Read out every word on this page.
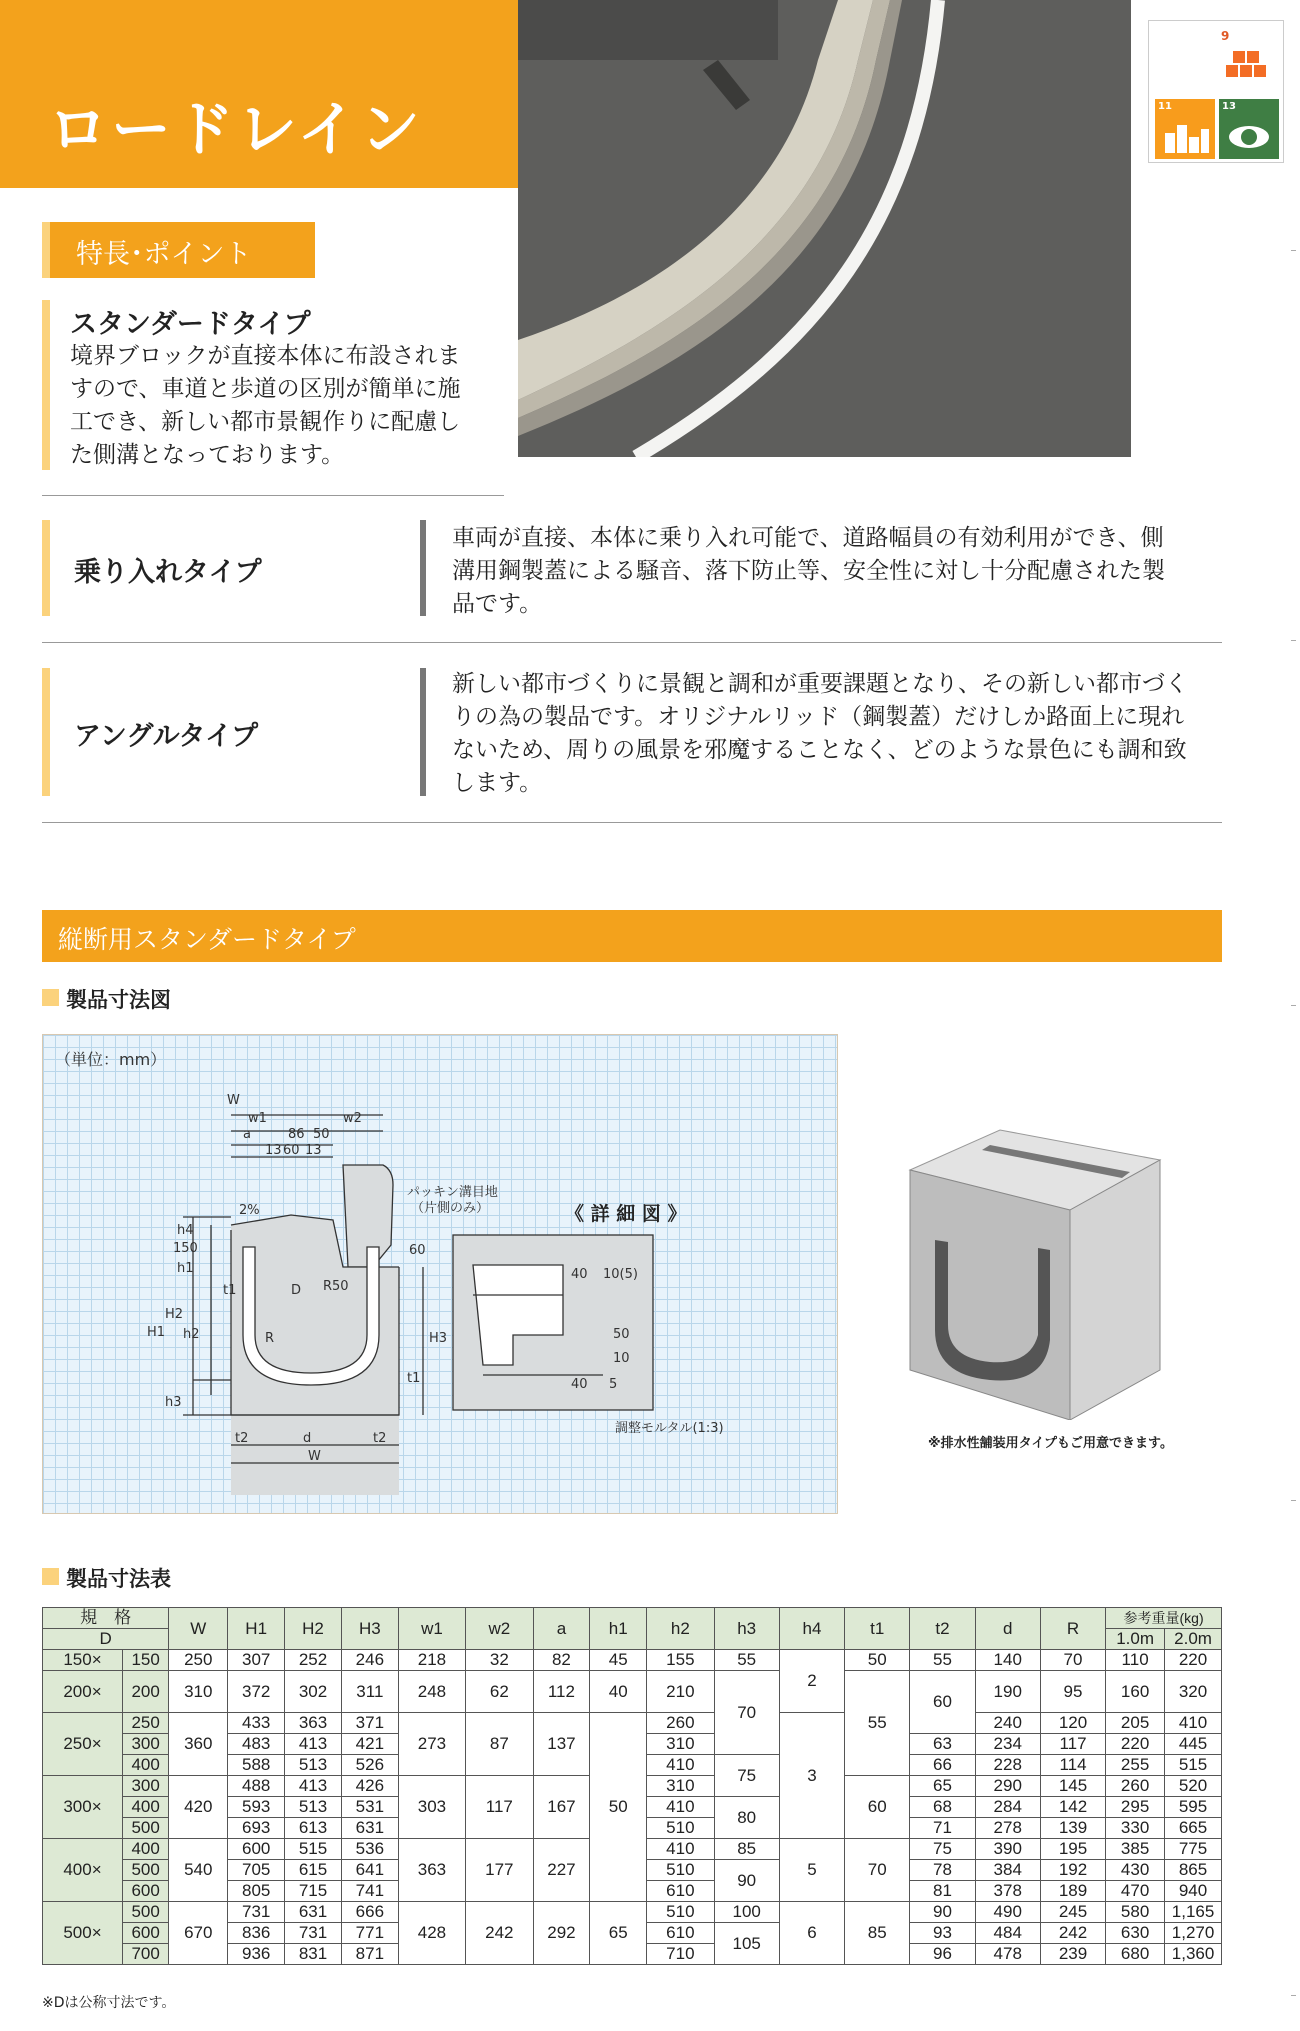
ロードレイン
9
11	13
特長･ポイント
スタンダードタイプ
境界ブロックが直接本体に布設されま
すので、車道と歩道の区別が簡単に施
工でき、新しい都市景観作りに配慮し
た側溝となっております。
乗り入れタイプ
車両が直接、本体に乗り入れ可能で、道路幅員の有効利用ができ、側
溝用鋼製蓋による騒音、落下防止等、安全性に対し十分配慮された製
品です。
アングルタイプ
新しい都市づくりに景観と調和が重要課題となり、その新しい都市づく
りの為の製品です。オリジナルリッド（鋼製蓋）だけしか路面上に現れ
ないため、周りの風景を邪魔することなく、どのような景色にも調和致
します。
縦断用スタンダードタイプ
製品寸法図
（単位：mm）
W
w1	w2
a	86 50
13 60 13
2%
h4
150
h1
60
D R50
t1
H1
H2
h2	R	H3
h3
t1
t2	d	t2
W
パッキン溝目地
（片側のみ）	《 詳 細 図 》
40 10(5)
50
10
40 5
調整モルタル(1:3)
※排水性舗装用タイプもご用意できます。
製品寸法表
規　格		W	H1	H2	H3	w1	w2	a	h1	h2	h3	h4	t1	t2	d	R	参考重量(kg)	
D																	1.0m	2.0m
150×	150	250	307	252	246	218	32	82	45	155	55	2	50	55	140	70	110	220
200×	200	310	372	302	311	248	62	112	40	210	70		55	60	190	95	160	320
250×	250	360	433	363	371	273	87	137	50	260		3			240	120	205	410
	300		483	413	421					310				63	234	117	220	445
	400		588	513	526					410	75			66	228	114	255	515
300×	300	420	488	413	426	303	117	167		310			60	65	290	145	260	520
	400		593	513	531					410	80			68	284	142	295	595
	500		693	613	631					510				71	278	139	330	665
400×	400	540	600	515	536	363	177	227		410	85	5	70	75	390	195	385	775
	500		705	615	641					510	90			78	384	192	430	865
	600		805	715	741					610				81	378	189	470	940
500×	500	670	731	631	666	428	242	292	65	510	100	6	85	90	490	245	580	1,165
	600		836	731	771					610	105			93	484	242	630	1,270
	700		936	831	871					710				96	478	239	680	1,360
※Dは公称寸法です。
